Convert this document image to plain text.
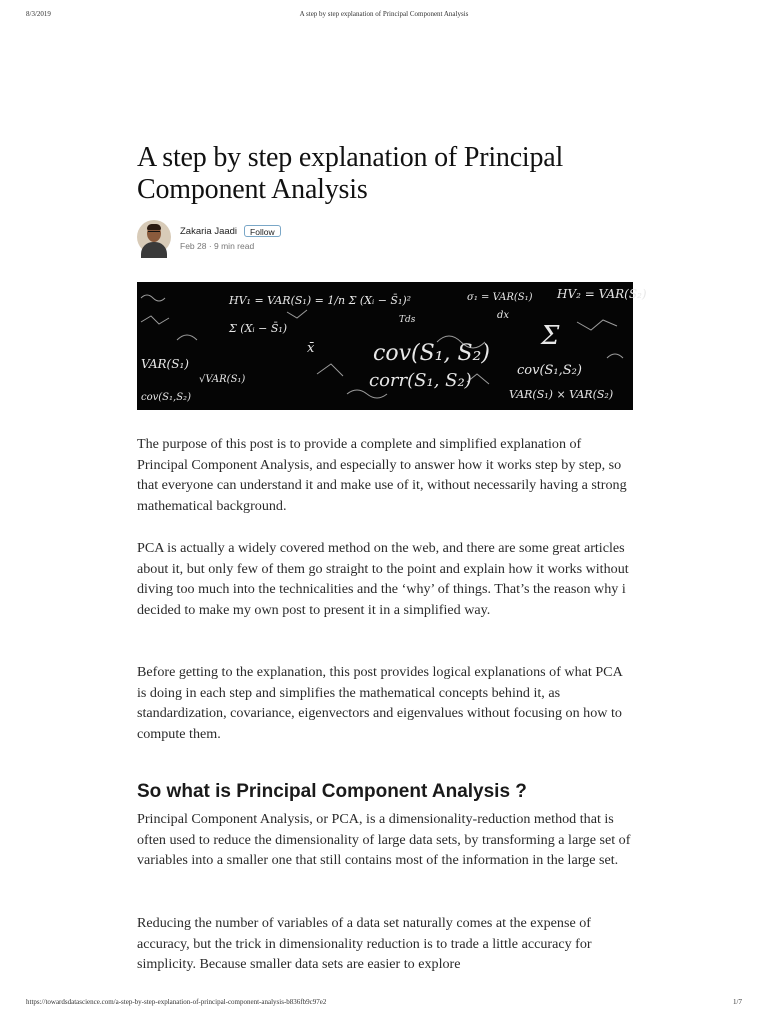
8/3/2019	A step by step explanation of Principal Component Analysis
A step by step explanation of Principal Component Analysis
Zakaria Jaadi	Follow
Feb 28 · 9 min read
HV₁ = VAR(S₁) = 1/n Σ (Xᵢ − S̄₁)²	σ₁ = VAR(S₁) HV₂ = VAR(S₂)
cov(S₁, S₂)
VAR(S₁)
corr(S₁, S₂)	cov(S₁,S₂)
VAR(S₁) × VAR(S₂)
Σ (Xᵢ − S̄₁)
cov(S₁,S₂)
√VAR(S₁)
Tds	dx
x̄	Σ

The purpose of this post is to provide a complete and simplified explanation of Principal Component Analysis, and especially to answer how it works step by step, so that everyone can understand it and make use of it, without necessarily having a strong mathematical background.

PCA is actually a widely covered method on the web, and there are some great articles about it, but only few of them go straight to the point and explain how it works without diving too much into the technicalities and the ‘why’ of things. That’s the reason why i decided to make my own post to present it in a simplified way.

Before getting to the explanation, this post provides logical explanations of what PCA is doing in each step and simplifies the mathematical concepts behind it, as standardization, covariance, eigenvectors and eigenvalues without focusing on how to compute them.

So what is Principal Component Analysis ?

Principal Component Analysis, or PCA, is a dimensionality-reduction method that is often used to reduce the dimensionality of large data sets, by transforming a large set of variables into a smaller one that still contains most of the information in the large set.

Reducing the number of variables of a data set naturally comes at the expense of accuracy, but the trick in dimensionality reduction is to trade a little accuracy for simplicity. Because smaller data sets are easier to explore

https://towardsdatascience.com/a-step-by-step-explanation-of-principal-component-analysis-b836fb9c97e2	1/7
